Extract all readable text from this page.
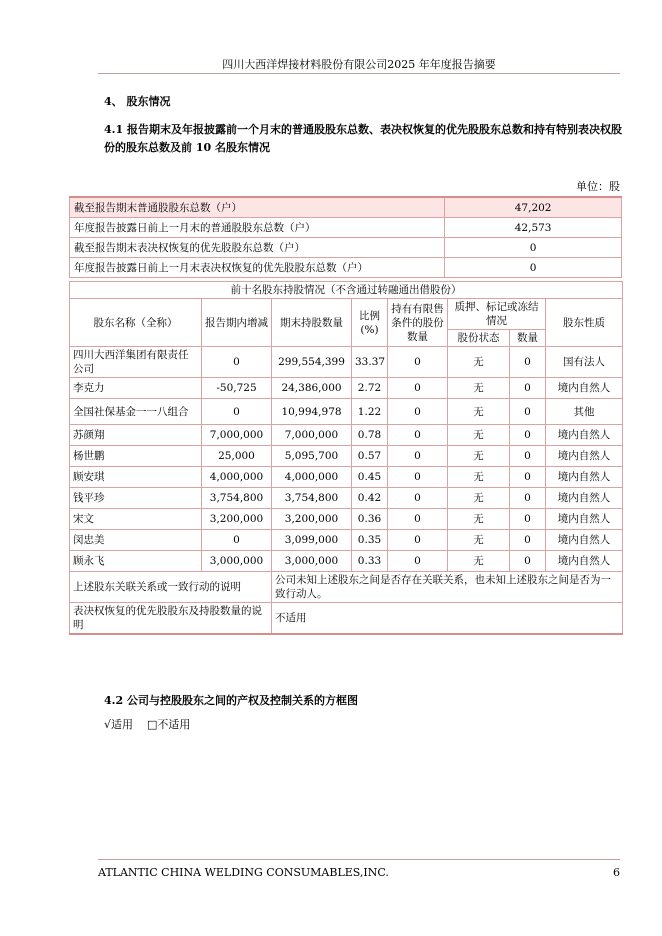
四川大西洋焊接材料股份有限公司2025 年年度报告摘要
4、 股东情况
4.1 报告期末及年报披露前一个月末的普通股股东总数、表决权恢复的优先股股东总数和持有特别表决权股份的股东总数及前 10 名股东情况
单位：股
截至报告期末普通股股东总数（户）	47,202
年度报告披露日前上一月末的普通股股东总数（户）	42,573
截至报告期末表决权恢复的优先股股东总数（户）	0
年度报告披露日前上一月末表决权恢复的优先股股东总数（户）	0
前十名股东持股情况（不含通过转融通出借股份）							
股东名称（全称）	报告期内增减	期末持股数量	比例(%)	持有有限售条件的股份数量	质押、标记或冻结情况		股东性质
					股份状态	数量	
四川大西洋集团有限责任公司	0	299,554,399	33.37	0	无	0	国有法人
李克力	-50,725	24,386,000	2.72	0	无	0	境内自然人
全国社保基金一一八组合	0	10,994,978	1.22	0	无	0	其他
苏颜翔	7,000,000	7,000,000	0.78	0	无	0	境内自然人
杨世鹏	25,000	5,095,700	0.57	0	无	0	境内自然人
顾安琪	4,000,000	4,000,000	0.45	0	无	0	境内自然人
钱平珍	3,754,800	3,754,800	0.42	0	无	0	境内自然人
宋文	3,200,000	3,200,000	0.36	0	无	0	境内自然人
闵忠美	0	3,099,000	0.35	0	无	0	境内自然人
顾永飞	3,000,000	3,000,000	0.33	0	无	0	境内自然人
上述股东关联关系或一致行动的说明		公司未知上述股东之间是否存在关联关系，也未知上述股东之间是否为一致行动人。					
表决权恢复的优先股股东及持股数量的说明		不适用					
4.2 公司与控股股东之间的产权及控制关系的方框图
√适用 □不适用
ATLANTIC CHINA WELDING CONSUMABLES,INC.	6
